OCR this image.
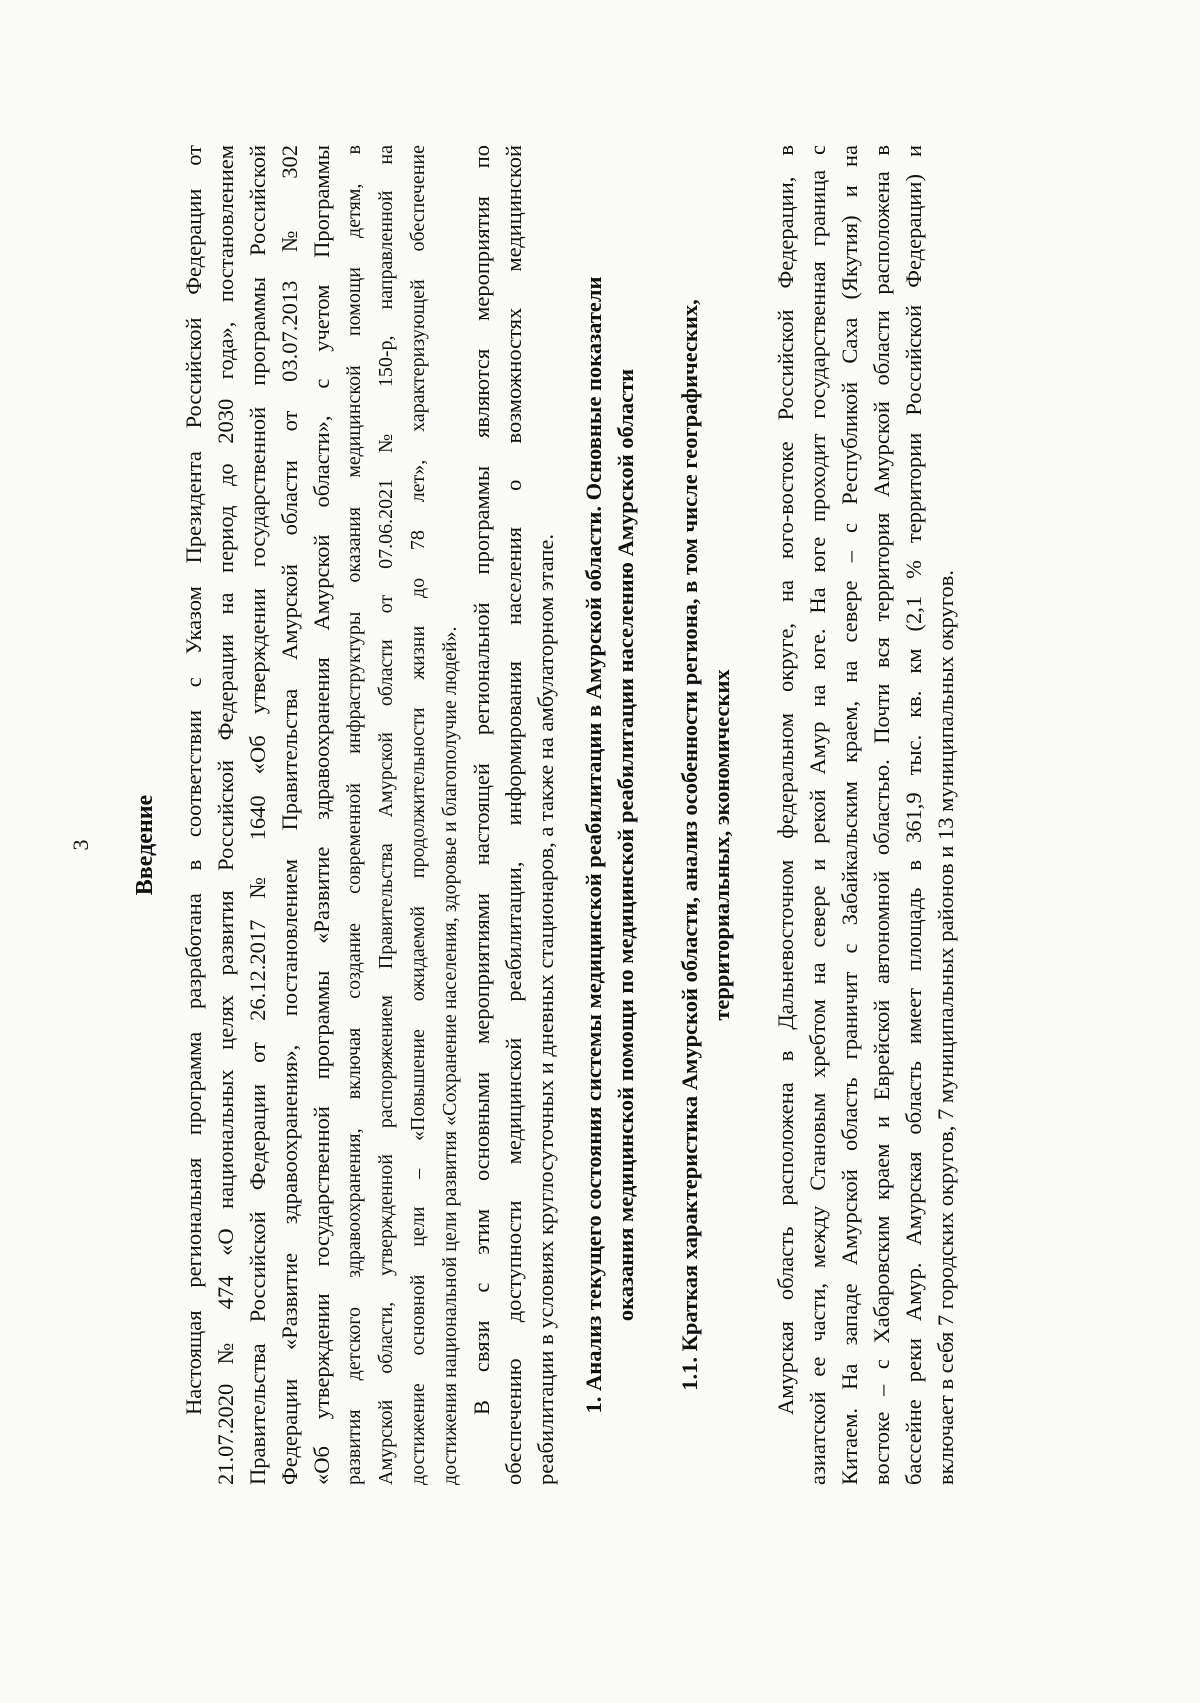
3 Введение Настоящая региональная программа разработана в соответствии с Указом Президента Российской Федерации от 21.07.2020 № 474 «О национальных целях развития Российской Федерации на период до 2030 года», постановлением Правительства Российской Федерации от 26.12.2017 № 1640 «Об утверждении государственной программы Российской Федерации «Развитие здравоохранения», постановлением Правительства Амурской области от 03.07.2013 № 302 «Об утверждении государственной программы «Развитие здравоохранения Амурской области», с учетом Программы развития детского здравоохранения, включая создание современной инфраструктуры оказания медицинской помощи детям, в Амурской области, утвержденной распоряжением Правительства Амурской области от 07.06.2021 № 150-р, направленной на достижение основной цели – «Повышение ожидаемой продолжительности жизни до 78 лет», характеризующей обеспечение достижения национальной цели развития «Сохранение населения, здоровье и благополучие людей». В связи с этим основными мероприятиями настоящей региональной программы являются мероприятия по обеспечению доступности медицинской реабилитации, информирования населения о возможностях медицинской реабилитации в условиях круглосуточных и дневных стационаров, а также на амбулаторном этапе. 1. Анализ текущего состояния системы медицинской реабилитации в Амурской области. Основные показатели оказания медицинской помощи по медицинской реабилитации населению Амурской области 1.1. Краткая характеристика Амурской области, анализ особенности региона, в том числе географических, территориальных, экономических Амурская область расположена в Дальневосточном федеральном округе, на юго-востоке Российской Федерации, в азиатской ее части, между Становым хребтом на севере и рекой Амур на юге. На юге проходит государственная граница с Китаем. На западе Амурской область граничит с Забайкальским краем, на севере – с Республикой Саха (Якутия) и на востоке – с Хабаровским краем и Еврейской автономной областью. Почти вся территория Амурской области расположена в бассейне реки Амур. Амурская область имеет площадь в 361,9 тыс. кв. км (2,1 % территории Российской Федерации) и включает в себя 7 городских округов, 7 муниципальных районов и 13 муниципальных округов.
